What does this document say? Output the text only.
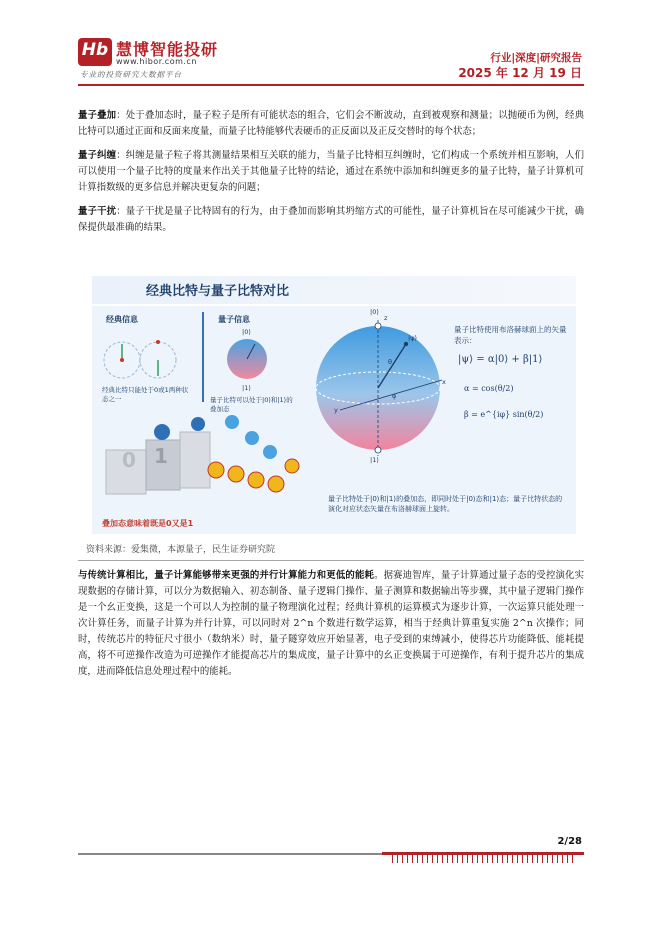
Hb 慧博智能投研
www.hibor.com.cn
专业的投资研究大数据平台
行业|深度|研究报告
2025 年 12 月 19 日

量子叠加：处于叠加态时，量子粒子是所有可能状态的组合，它们会不断波动，直到被观察和测量；以抛硬币为例，经典比特可以通过正面和反面来度量，而量子比特能够代表硬币的正反面以及正反交替时的每个状态；

量子纠缠：纠缠是量子粒子将其测量结果相互关联的能力，当量子比特相互纠缠时，它们构成一个系统并相互影响，人们可以使用一个量子比特的度量来作出关于其他量子比特的结论，通过在系统中添加和纠缠更多的量子比特，量子计算机可计算指数级的更多信息并解决更复杂的问题；

量子干扰：量子干扰是量子比特固有的行为，由于叠加而影响其坍缩方式的可能性，量子计算机旨在尽可能减少干扰，确保提供最准确的结果。

经典比特与量子比特对比
经典信息
经典比特只能处于0或1两种状态之一
量子信息
|0⟩
|1⟩
量子比特可以处于|0⟩和|1⟩的叠加态
|0⟩
|1⟩
z
x
y
θ
φ
|ψ⟩
量子比特使用布洛赫球面上的矢量表示：
|ψ⟩ = α|0⟩ + β|1⟩
α = cos(θ/2)
β = e^{iφ} sin(θ/2)
0 1
叠加态意味着既是0又是1
量子比特处于|0⟩和|1⟩的叠加态，即同时处于|0⟩态和|1⟩态；量子比特状态的演化对应状态矢量在布洛赫球面上旋转。
资料来源：爱集微，本源量子，民生证券研究院

与传统计算相比，量子计算能够带来更强的并行计算能力和更低的能耗。据赛迪智库，量子计算通过量子态的受控演化实现数据的存储计算，可以分为数据输入、初态制备、量子逻辑门操作、量子测算和数据输出等步骤，其中量子逻辑门操作是一个幺正变换，这是一个可以人为控制的量子物理演化过程；经典计算机的运算模式为逐步计算，一次运算只能处理一次计算任务，而量子计算为并行计算，可以同时对 2^n 个数进行数学运算，相当于经典计算重复实施 2^n 次操作；同时，传统芯片的特征尺寸很小（数纳米）时，量子隧穿效应开始显著，电子受到的束缚减小，使得芯片功能降低、能耗提高，将不可逆操作改造为可逆操作才能提高芯片的集成度，量子计算中的幺正变换属于可逆操作，有利于提升芯片的集成度，进而降低信息处理过程中的能耗。

2/28
